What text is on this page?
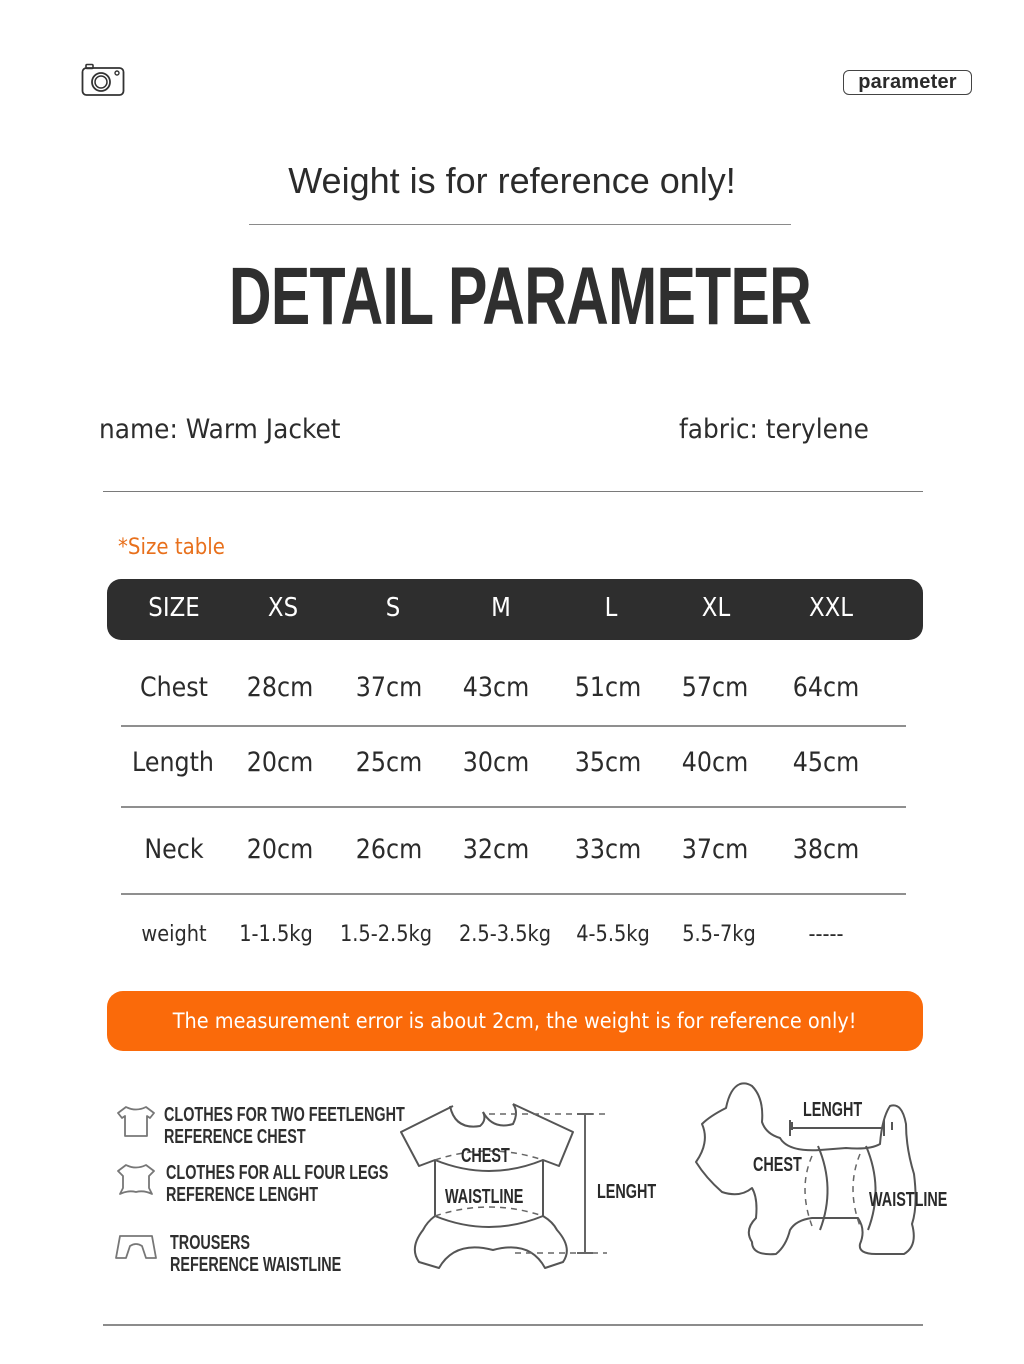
parameter
Weight is for reference only!
DETAIL PARAMETER
name: Warm Jacket	fabric: terylene
*Size table
SIZE	XS	S	M	L	XL	XXL
Chest 28cm 37cm 43cm 51cm 57cm 64cm
Length 20cm 25cm 30cm 35cm 40cm 45cm
Neck 20cm 26cm 32cm 33cm 37cm 38cm
weight 1-1.5kg 1.5-2.5kg 2.5-3.5kg 4-5.5kg 5.5-7kg -----
The measurement error is about 2cm, the weight is for reference only!
CLOTHES FOR TWO FEETLENGHT
REFERENCE CHEST
CLOTHES FOR ALL FOUR LEGS
REFERENCE LENGHT
TROUSERS
REFERENCE WAISTLINE
CHEST
WAISTLINE	LENGHT
LENGHT
CHEST
WAISTLINE
